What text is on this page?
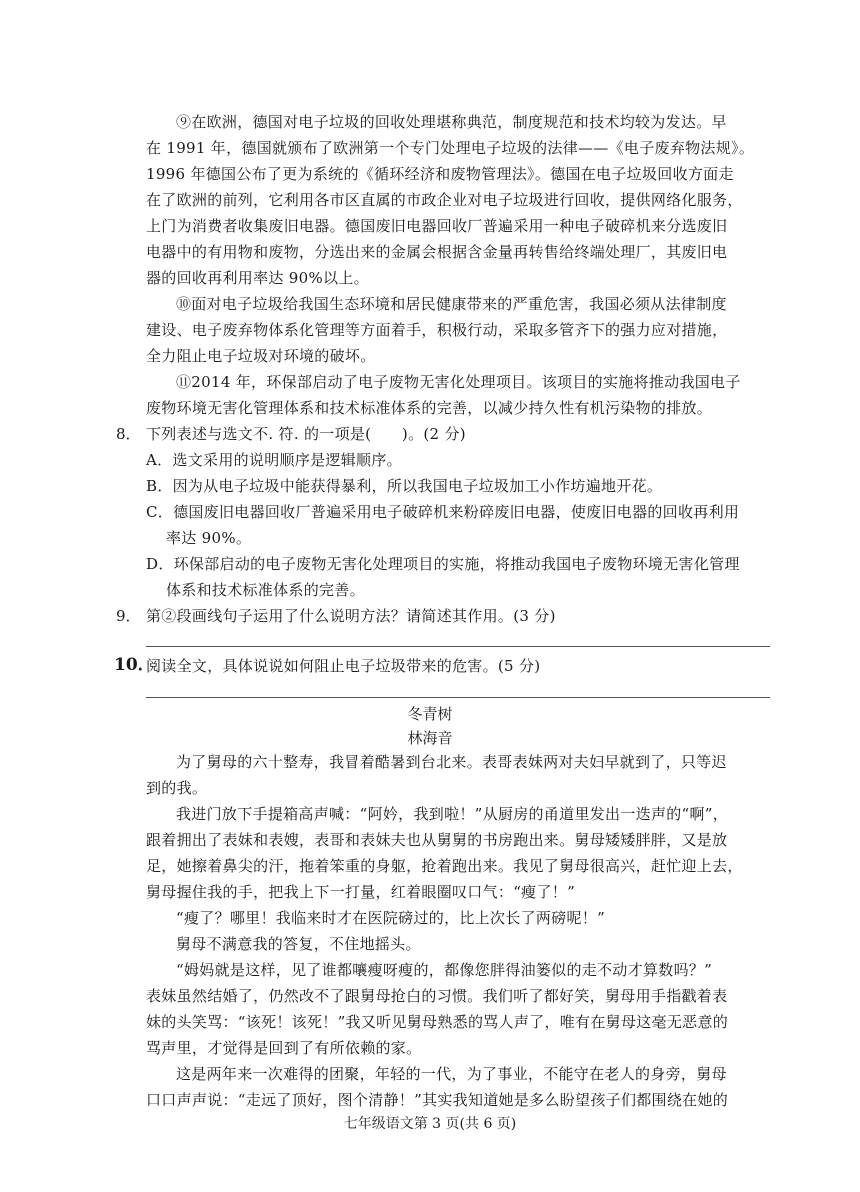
⑨在欧洲，德国对电子垃圾的回收处理堪称典范，制度规范和技术均较为发达。早
在 1991 年，德国就颁布了欧洲第一个专门处理电子垃圾的法律——《电子废弃物法规》。
1996 年德国公布了更为系统的《循环经济和废物管理法》。德国在电子垃圾回收方面走
在了欧洲的前列，它利用各市区直属的市政企业对电子垃圾进行回收，提供网络化服务，
上门为消费者收集废旧电器。德国废旧电器回收厂普遍采用一种电子破碎机来分选废旧
电器中的有用物和废物，分选出来的金属会根据含金量再转售给终端处理厂，其废旧电
器的回收再利用率达 90%以上。
⑩面对电子垃圾给我国生态环境和居民健康带来的严重危害，我国必须从法律制度
建设、电子废弃物体系化管理等方面着手，积极行动，采取多管齐下的强力应对措施，
全力阻止电子垃圾对环境的破坏。
⑪2014 年，环保部启动了电子废物无害化处理项目。该项目的实施将推动我国电子
废物环境无害化管理体系和技术标准体系的完善，以减少持久性有机污染物的排放。
8． 下列表述与选文不. 符. 的一项是(　　)。(2 分)
A．选文采用的说明顺序是逻辑顺序。
B．因为从电子垃圾中能获得暴利，所以我国电子垃圾加工小作坊遍地开花。
C．德国废旧电器回收厂普遍采用电子破碎机来粉碎废旧电器，使废旧电器的回收再利用
率达 90%。
D．环保部启动的电子废物无害化处理项目的实施，将推动我国电子废物环境无害化管理
体系和技术标准体系的完善。
9． 第②段画线句子运用了什么说明方法？请简述其作用。(3 分)
10．
阅读全文，具体说说如何阻止电子垃圾带来的危害。(5 分)
冬青树
林海音
为了舅母的六十整寿，我冒着酷暑到台北来。表哥表妹两对夫妇早就到了，只等迟
到的我。
我进门放下手提箱高声喊：“阿妗，我到啦！”从厨房的甬道里发出一迭声的“啊”，
跟着拥出了表妹和表嫂，表哥和表妹夫也从舅舅的书房跑出来。舅母矮矮胖胖，又是放
足，她擦着鼻尖的汗，拖着笨重的身躯，抢着跑出来。我见了舅母很高兴，赶忙迎上去，
舅母握住我的手，把我上下一打量，红着眼圈叹口气：“瘦了！”
“瘦了？哪里！我临来时才在医院磅过的，比上次长了两磅呢！”
舅母不满意我的答复，不住地摇头。
“姆妈就是这样，见了谁都嚷瘦呀瘦的，都像您胖得油篓似的走不动才算数吗？”
表妹虽然结婚了，仍然改不了跟舅母抢白的习惯。我们听了都好笑，舅母用手指戳着表
妹的头笑骂：“该死！该死！”我又听见舅母熟悉的骂人声了，唯有在舅母这毫无恶意的
骂声里，才觉得是回到了有所依赖的家。
这是两年来一次难得的团聚，年轻的一代，为了事业，不能守在老人的身旁，舅母
口口声声说：“走远了顶好，图个清静！”其实我知道她是多么盼望孩子们都围绕在她的
七年级语文第 3 页(共 6 页)
